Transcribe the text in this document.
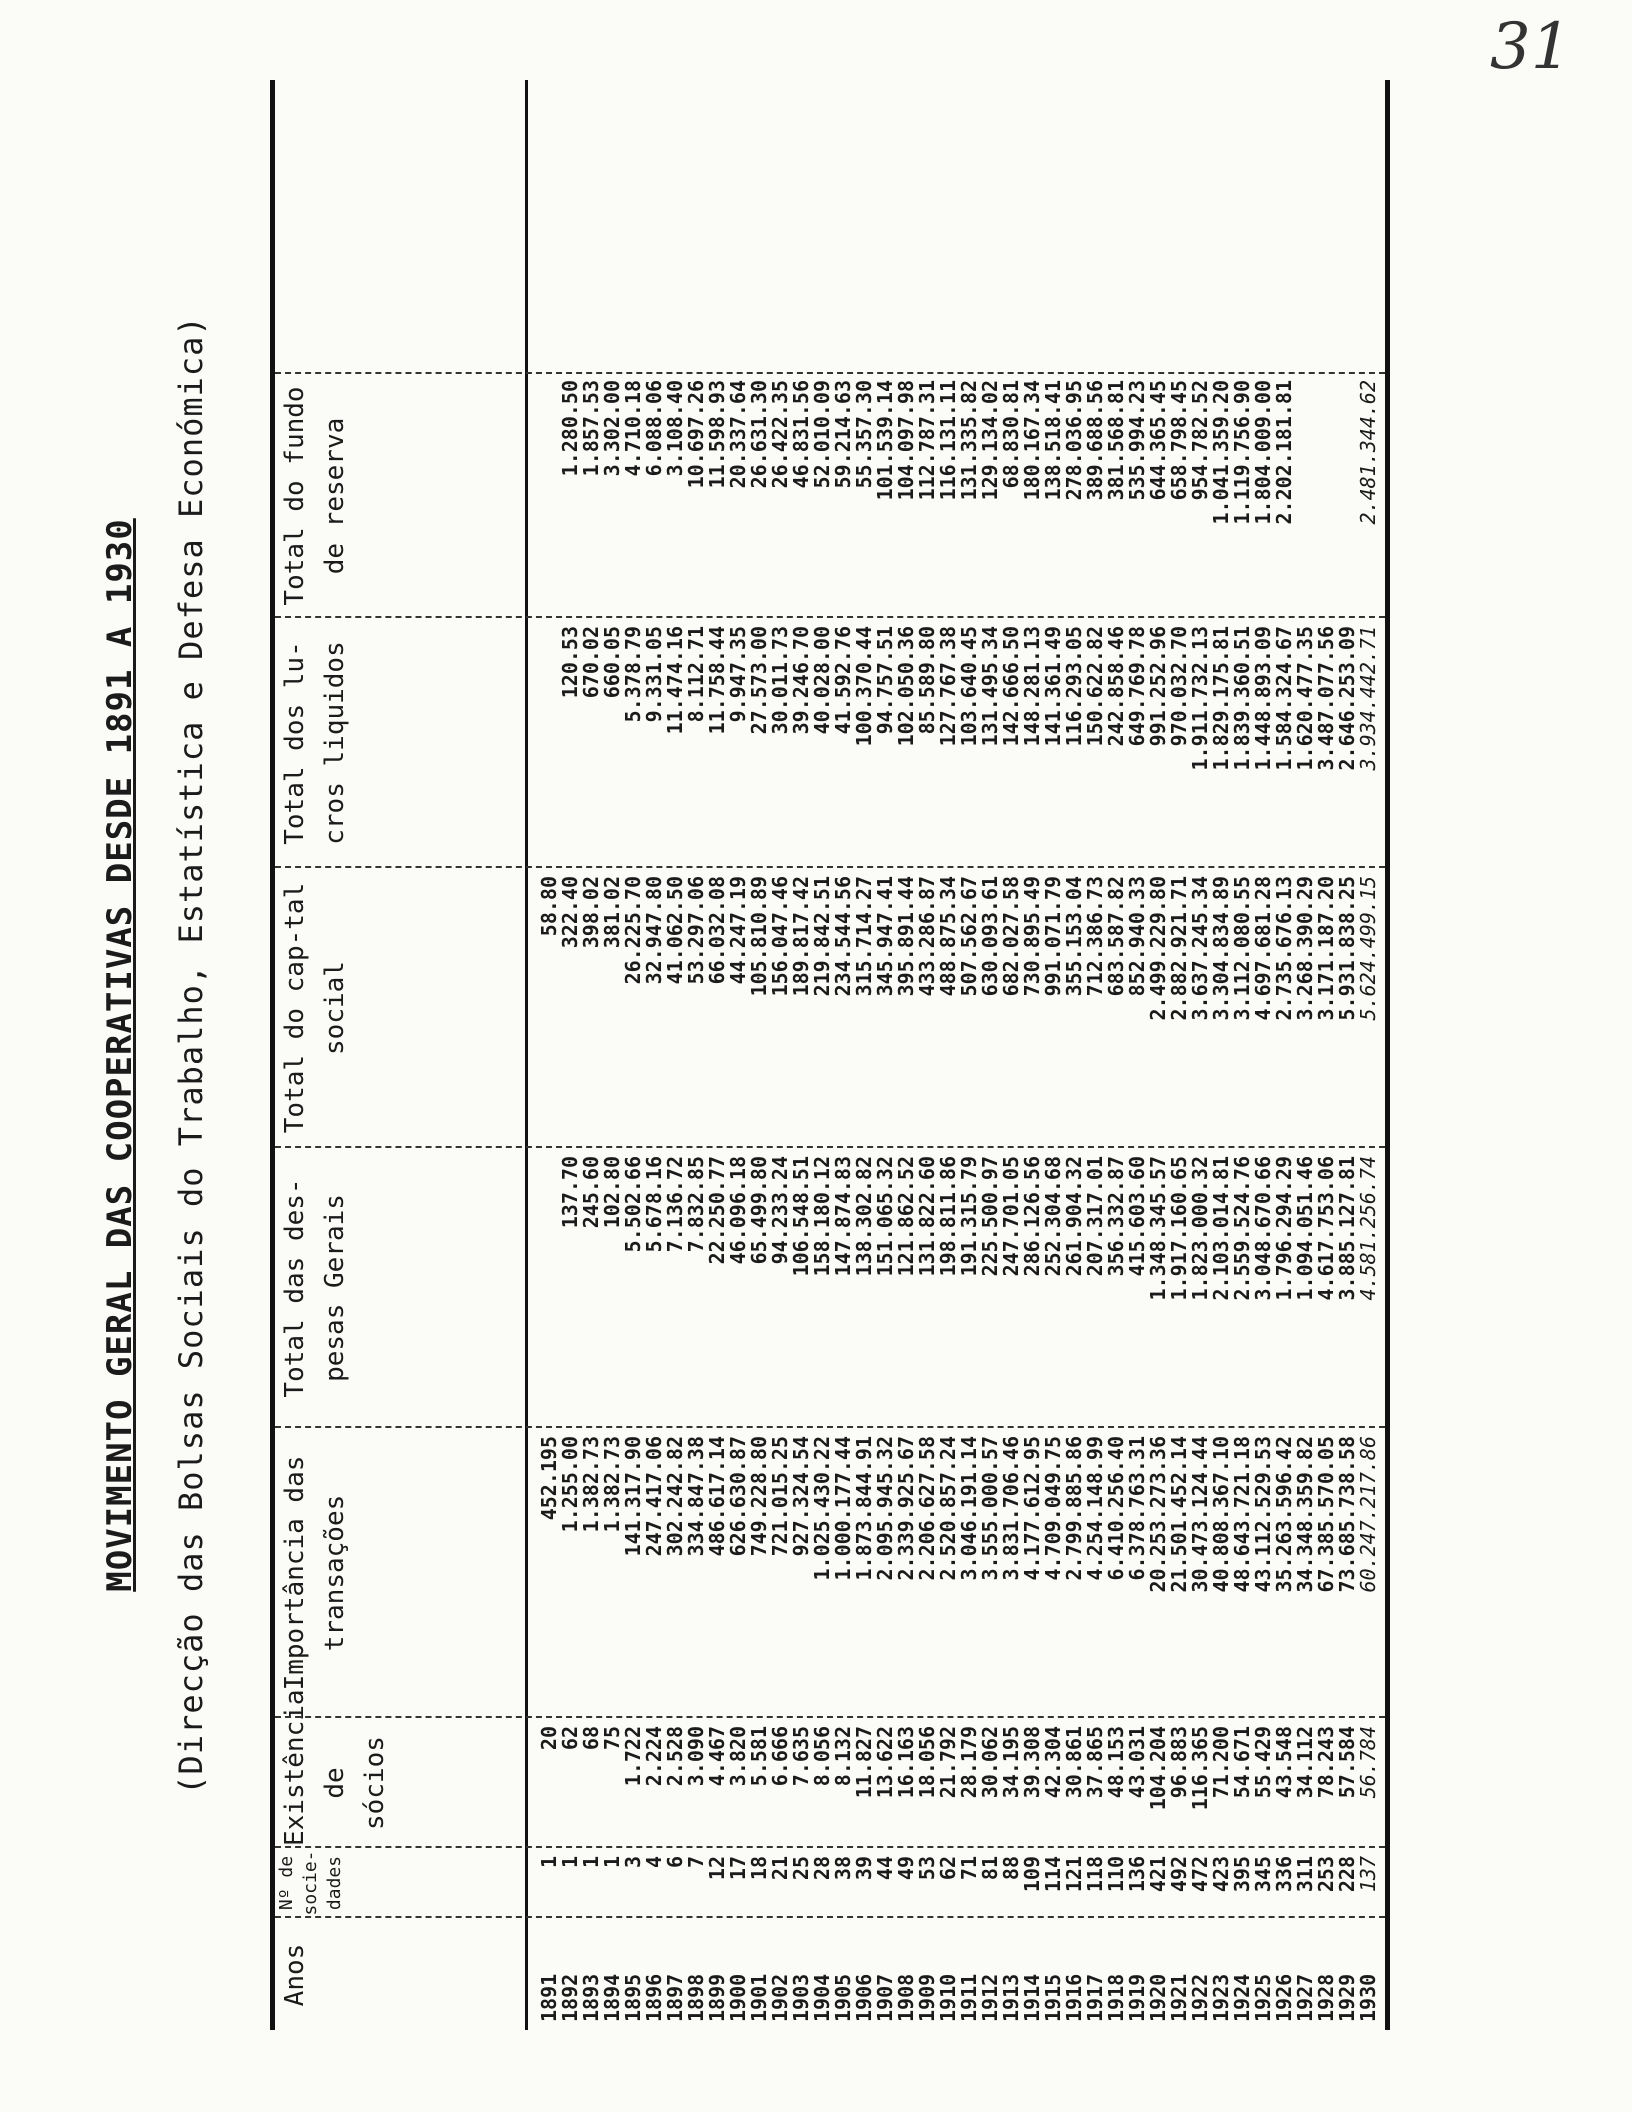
31
MOVIMENTO GERAL DAS COOPERATIVAS DESDE 1891 A 1930	(Direcção das Bolsas Sociais do Trabalho, Estatística e Defesa Económica)
Anos
Nº de socie-dades
Existência de sócios
Importância das transações
Total das des-pesas Gerais
Total do cap-tal social
Total dos lu-cros liquidos
Total do fundo de reserva
1891
1892
1893
1894
1895
1896
1897
1898
1899
1900
1901
1902
1903
1904
1905
1906
1907
1908
1909
1910
1911
1912
1913
1914
1915
1916
1917
1918
1919
1920
1921
1922
1923
1924
1925
1926
1927
1928
1929
1930
1
1
1
1
3
4
6
7
12
17
18
21
25
28
38
39
44
49
53
62
71
81
88
109
114
121
118
110
136
421
492
472
423
395
345
336
311
253
228
137
20
62
68
75
1.722
2.224
2.528
3.090
4.467
3.820
5.581
6.666
7.635
8.056
8.132
11.827
13.622
16.163
18.056
21.792
28.179
30.062
34.195
39.308
42.304
30.861
37.865
48.153
43.031
104.204
96.883
116.365
71.200
54.671
55.429
43.548
34.112
78.243
57.584
56.784
452.195
1.255.00
1.382.73
1.382.73
141.317.90
247.417.06
302.242.82
334.847.38
486.617.14
626.630.87
749.228.80
721.015.25
927.324.54
1.025.430.22
1.000.177.44
1.873.844.91
2.095.945.32
2.339.925.67
2.206.627.58
2.520.857.24
3.046.191.14
3.555.000.57
3.831.706.46
4.177.612.95
4.709.049.75
2.799.885.86
4.254.148.99
6.410.256.40
6.378.763.31
20.253.273.36
21.501.452.14
30.473.124.44
40.808.367.10
48.643.721.18
43.112.529.53
35.263.596.42
34.348.359.82
67.385.570.05
73.685.738.58
60.247.217.86
137.70
245.60
102.80
5.502.66
5.678.16
7.136.72
7.832.85
22.250.77
46.096.18
65.499.80
94.233.24
106.548.51
158.180.12
147.874.83
138.302.82
151.065.32
121.862.52
131.822.60
198.811.86
191.315.79
225.500.97
247.701.05
286.126.56
252.304.68
261.904.32
207.317.01
356.332.87
415.603.60
1.348.345.57
1.917.160.65
1.823.000.32
2.103.014.81
2.559.524.76
3.048.670.66
1.796.294.29
1.094.051.46
4.617.753.06
3.885.127.81
4.581.256.74
58.80
322.40
398.02
381.02
26.225.70
32.947.80
41.062.50
53.297.06
66.032.08
44.247.19
105.810.89
156.047.46
189.817.42
219.842.51
234.544.56
315.714.27
345.947.41
395.891.44
433.286.87
488.875.34
507.562.67
630.093.61
682.027.58
730.895.49
991.071.79
355.153.04
712.386.73
683.587.82
852.940.33
2.499.229.80
2.882.921.71
3.637.245.34
3.304.834.89
3.112.080.55
4.697.681.28
2.735.676.13
3.268.390.29
3.171.187.20
5.931.838.25
5.624.499.15
120.53
670.02
660.05
5.378.79
9.331.05
11.474.16
8.112.71
11.758.44
9.947.35
27.573.00
30.011.73
39.246.70
40.028.00
41.592.76
100.370.44
94.757.51
102.050.36
85.589.80
127.767.38
103.640.45
131.495.34
142.666.50
148.281.13
141.361.49
116.293.05
150.622.82
242.858.46
649.769.78
991.252.96
970.032.70
1.911.732.13
1.829.175.81
1.839.360.51
1.448.893.09
1.584.324.67
1.620.477.35
3.487.077.56
2.646.253.09
3.934.442.71
1.280.50
1.857.53
3.302.00
4.710.18
6.088.06
3.108.40
10.697.26
11.598.93
20.337.64
26.631.30
26.422.35
46.831.56
52.010.09
59.214.63
55.357.30
101.539.14
104.097.98
112.787.31
116.131.11
131.335.82
129.134.02
68.830.81
180.167.34
138.518.41
278.036.95
389.688.56
381.568.81
535.994.23
644.365.45
658.798.45
954.782.52
1.041.359.20
1.119.756.90
1.804.009.00
2.202.181.81	2.481.344.62
